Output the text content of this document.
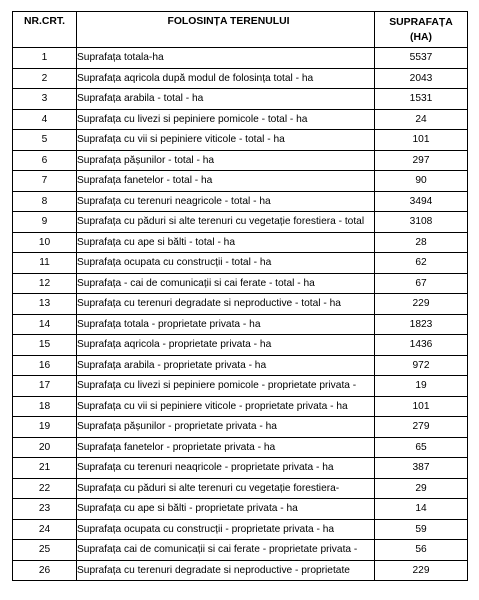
NR.CRT.	FOLOSINȚA TERENULUI	SUPRAFAȚA
(HA)
1	Suprafața totala-ha	5537
2	Suprafața aqricola după modul de folosința total - ha	2043
3	Suprafața arabila - total - ha	1531
4	Suprafața cu livezi si pepiniere pomicole - total - ha	24
5	Suprafața cu vii si pepiniere viticole - total - ha	101
6	Suprafața pășunilor - total - ha	297
7	Suprafața fanetelor - total - ha	90
8	Suprafața cu terenuri neagricole - total - ha	3494
9	Suprafața cu păduri si alte terenuri cu vegetație forestiera - total	3108
10	Suprafața cu ape si bălti - total - ha	28
11	Suprafața ocupata cu construcții - total - ha	62
12	Suprafața - cai de comunicații si cai ferate - total - ha	67
13	Suprafața cu terenuri degradate si neproductive - total - ha	229
14	Suprafața totala - proprietate privata - ha	1823
15	Suprafața aqricola - proprietate privata - ha	1436
16	Suprafața arabila - proprietate privata - ha	972
17	Suprafața cu livezi si pepiniere pomicole - proprietate privata -	19
18	Suprafața cu vii si pepiniere viticole - proprietate privata - ha	101
19	Suprafața pășunilor - proprietate privata - ha	279
20	Suprafața fanetelor - proprietate privata - ha	65
21	Suprafața cu terenuri neaqricole - proprietate privata - ha	387
22	Suprafața cu păduri si alte terenuri cu vegetație forestiera-	29
23	Suprafața cu ape si bălti - proprietate privata - ha	14
24	Suprafața ocupata cu construcții - proprietate privata - ha	59
25	Suprafața cai de comunicații si cai ferate - proprietate privata -	56
26	Suprafața cu terenuri degradate si neproductive - proprietate	229
